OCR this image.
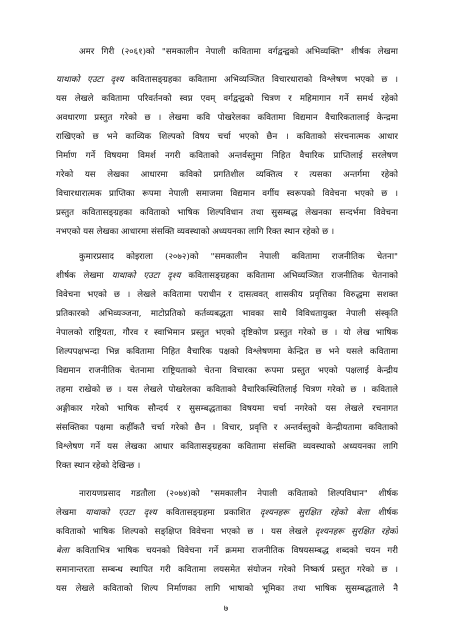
अमर गिरी (२०६१)को "समकालीन नेपाली कवितामा वर्गद्वन्द्वको अभिव्यक्ति" शीर्षक लेखमा
याथाको एउटा दृश्य कवितासङ्ग्रहका कवितामा अभिव्यञ्जित विचारधाराको विश्लेषण भएको छ ।
यस लेखले कवितामा परिवर्तनको स्वप्न एवम् वर्गद्वन्द्वको चित्रण र महिमागान गर्ने समर्थ रहेको
अवधारणा प्रस्तुत गरेको छ । लेखमा कवि पोखरेलका कवितामा विद्यमान वैचारिकतालाई केन्द्रमा
राखिएको छ भने काव्यिक शिल्पको विषय चर्चा भएको छैन । कविताको संरचनात्मक आधार
निर्माण गर्ने विषयमा विमर्श नगरी कविताको अन्तर्वस्तुमा निहित वैचारिक प्राप्तिलाई सरलेषण
गरेको यस लेखका आधारमा कविको प्रगतिशील व्यक्तित्व र त्यसका अन्तर्गमा रहेको
विचारधारात्मक प्राप्तिका रूपमा नेपाली समाजमा विद्यमान वर्गीय स्वरूपको विवेचना भएको छ ।
प्रस्तुत कवितासङ्ग्रहका कविताको भाषिक शिल्पविधान तथा सुसम्बद्ध लेखनका सन्दर्भमा विवेचना
नभएको यस लेखका आधारमा संसक्ति व्यवस्थाको अध्ययनका लागि रिक्त स्थान रहेको छ ।
कुमारप्रसाद कोइराला (२०७२)को "समकालीन नेपाली कवितामा राजनीतिक चेतना"
शीर्षक लेखमा याथाको एउटा दृश्य कवितासङ्ग्रहका कवितामा अभिव्यञ्जित राजनीतिक चेतनाको
विवेचना भएको छ । लेखले कवितामा पराधीन र दासत्ववत् शासकीय प्रवृत्तिका विरुद्धमा सशक्त
प्रतिकारको अभिव्यञ्जना, माटोप्रतिको कर्तव्यबद्धता भावका साथै विविधतायुक्त नेपाली संस्कृति
नेपालको राष्ट्रियता, गौरव र स्वाभिमान प्रस्तुत भएको दृष्टिकोण प्रस्तुत गरेको छ । यो लेख भाषिक
शिल्पपक्षभन्दा भिन्न कवितामा निहित वैचारिक पक्षको विश्लेषणमा केन्द्रित छ भने यसले कवितामा
विद्यमान राजनीतिक चेतनामा राष्ट्रियताको चेतना विचारका रूपमा प्रस्तुत भएको पक्षलाई केन्द्रीय
तहमा राखेको छ । यस लेखले पोखरेलका कविताको वैचारिकस्थितिलाई चित्रण गरेको छ । कविताले
अङ्गीकार गरेको भाषिक सौन्दर्य र सुसम्बद्धताका विषयमा चर्चा नगरेको यस लेखले रचनागत
संसक्तिका पक्षमा कहीँकतै चर्चा गरेको छैन । विचार, प्रवृत्ति र अन्तर्वस्तुको केन्द्रीयतामा कविताको
विश्लेषण गर्ने यस लेखका आधार कवितासङ्ग्रहका कवितामा संसक्ति व्यवस्थाको अध्ययनका लागि
रिक्त स्थान रहेको देखिन्छ ।
नारायणप्रसाद गडतौला (२०७४)को "समकालीन नेपाली कविताको शिल्पविधान" शीर्षक
लेखमा याथाको एउटा दृश्य कवितासङ्ग्रहमा प्रकाशित दृश्यनहरू सुरक्षित रहेको बेला शीर्षक
कविताको भाषिक शिल्पको सङ्क्षिप्त विवेचना भएको छ । यस लेखले दृश्यनहरू सुरक्षित रहेको
बेला कविताभित्र भाषिक चयनको विवेचना गर्ने क्रममा राजनीतिक विषयसम्बद्ध शब्दको चयन गरी
समानान्तरता सम्बन्ध स्थापित गरी कवितामा लयसमेत संयोजन गरेको निष्कर्ष प्रस्तुत गरेको छ ।
यस लेखले कविताको शिल्प निर्माणका लागि भाषाको भूमिका तथा भाषिक सुसम्बद्धताले नै
७
